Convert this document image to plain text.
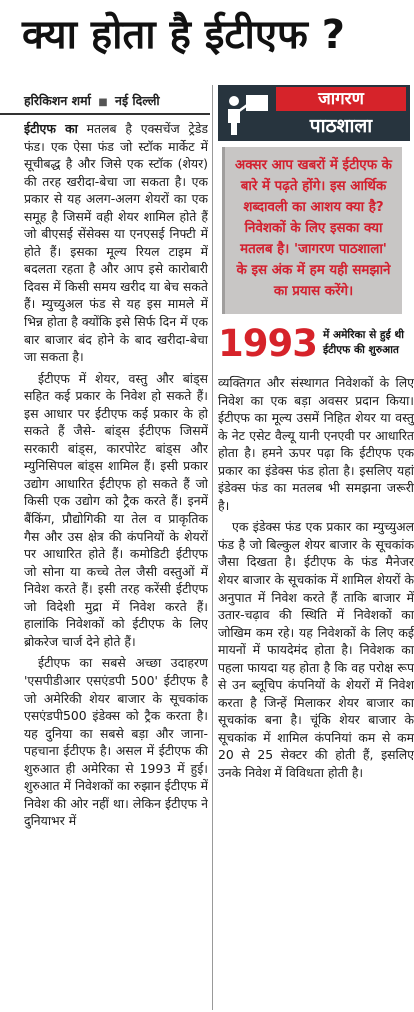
क्या होता है ईटीएफ ?
हरिकिशन शर्मा ■ नई दिल्ली

ईटीएफ का मतलब है एक्सचेंज ट्रेडेड फंड। एक ऐसा फंड जो स्टॉक मार्केट में सूचीबद्ध है और जिसे एक स्टॉक (शेयर) की तरह खरीदा-बेचा जा सकता है। एक प्रकार से यह अलग-अलग शेयरों का एक समूह है जिसमें वही शेयर शामिल होते हैं जो बीएसई सेंसेक्स या एनएसई निफ्टी में होते हैं। इसका मूल्य रियल टाइम में बदलता रहता है और आप इसे कारोबारी दिवस में किसी समय खरीद या बेच सकते हैं। म्युच्युअल फंड से यह इस मामले में भिन्न होता है क्योंकि इसे सिर्फ दिन में एक बार बाजार बंद होने के बाद खरीदा-बेचा जा सकता है।

ईटीएफ में शेयर, वस्तु और बांड्स सहित कई प्रकार के निवेश हो सकते हैं। इस आधार पर ईटीएफ कई प्रकार के हो सकते हैं जैसे- बांड्स ईटीएफ जिसमें सरकारी बांड्स, कारपोरेट बांड्स और म्युनिसिपल बांड्स शामिल हैं। इसी प्रकार उद्योग आधारित ईटीएफ हो सकते हैं जो किसी एक उद्योग को ट्रैक करते हैं। इनमें बैंकिंग, प्रौद्योगिकी या तेल व प्राकृतिक गैस और उस क्षेत्र की कंपनियों के शेयरों पर आधारित होते हैं। कमोडिटी ईटीएफ जो सोना या कच्चे तेल जैसी वस्तुओं में निवेश करते हैं। इसी तरह करेंसी ईटीएफ जो विदेशी मुद्रा में निवेश करते हैं। हालांकि निवेशकों को ईटीएफ के लिए ब्रोकरेज चार्ज देने होते हैं।

ईटीएफ का सबसे अच्छा उदाहरण 'एसपीडीआर एसएंडपी 500' ईटीएफ है जो अमेरिकी शेयर बाजार के सूचकांक एसएंडपी500 इंडेक्स को ट्रैक करता है। यह दुनिया का सबसे बड़ा और जाना-पहचाना ईटीएफ है। असल में ईटीएफ की शुरुआत ही अमेरिका से 1993 में हुई। शुरुआत में निवेशकों का रुझान ईटीएफ में निवेश की ओर नहीं था। लेकिन ईटीएफ ने दुनियाभर में

जागरण
पाठशाला
अक्सर आप खबरों में ईटीएफ के बारे में पढ़ते होंगे। इस आर्थिक शब्दावली का आशय क्या है? निवेशकों के लिए इसका क्या मतलब है। 'जागरण पाठशाला' के इस अंक में हम यही समझाने का प्रयास करेंगे।
1993 में अमेरिका से हुई थी ईटीएफ की शुरुआत

व्यक्तिगत और संस्थागत निवेशकों के लिए निवेश का एक बड़ा अवसर प्रदान किया। ईटीएफ का मूल्य उसमें निहित शेयर या वस्तु के नेट एसेट वैल्यू यानी एनएवी पर आधारित होता है। हमने ऊपर पढ़ा कि ईटीएफ एक प्रकार का इंडेक्स फंड होता है। इसलिए यहां इंडेक्स फंड का मतलब भी समझना जरूरी है।

एक इंडेक्स फंड एक प्रकार का म्युच्युअल फंड है जो बिल्कुल शेयर बाजार के सूचकांक जैसा दिखता है। ईटीएफ के फंड मैनेजर शेयर बाजार के सूचकांक में शामिल शेयरों के अनुपात में निवेश करते हैं ताकि बाजार में उतार-चढ़ाव की स्थिति में निवेशकों का जोखिम कम रहे। यह निवेशकों के लिए कई मायनों में फायदेमंद होता है। निवेशक का पहला फायदा यह होता है कि वह परोक्ष रूप से उन ब्लूचिप कंपनियों के शेयरों में निवेश करता है जिन्हें मिलाकर शेयर बाजार का सूचकांक बना है। चूंकि शेयर बाजार के सूचकांक में शामिल कंपनियां कम से कम 20 से 25 सेक्टर की होती हैं, इसलिए उनके निवेश में विविधता होती है।
